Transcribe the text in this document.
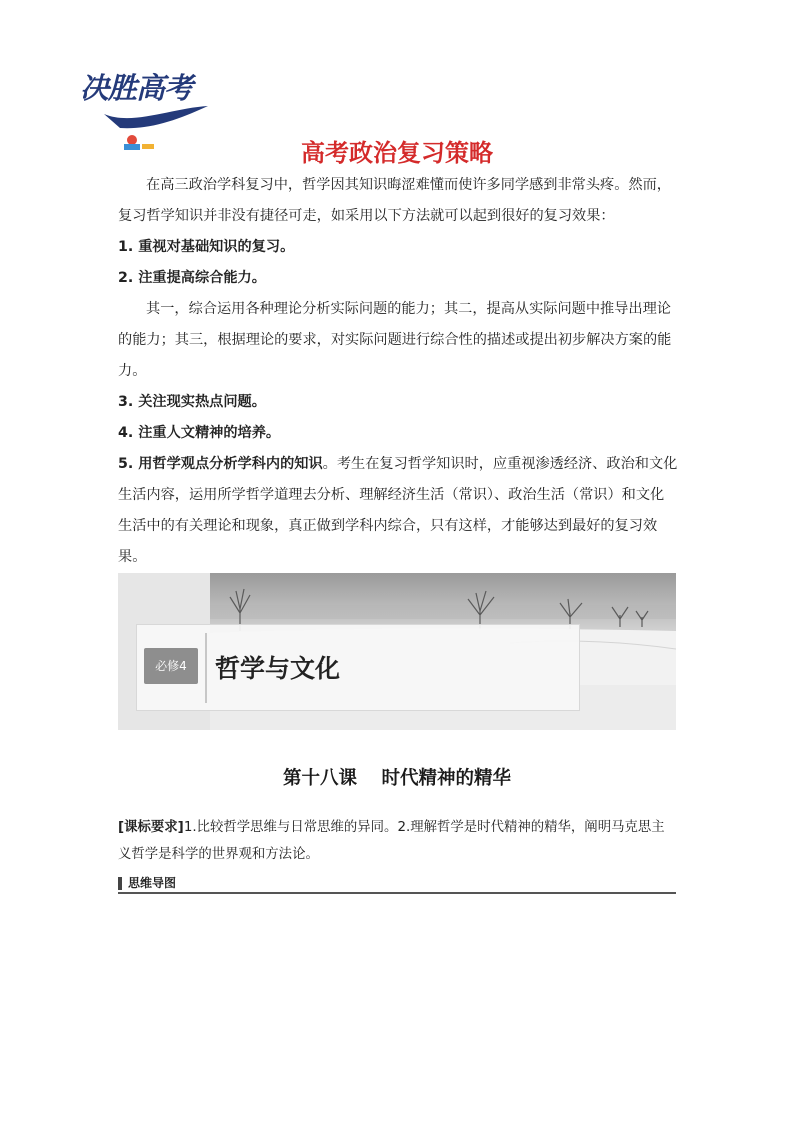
决胜高考
高考政治复习策略
在高三政治学科复习中，哲学因其知识晦涩难懂而使许多同学感到非常头疼。然而，复习哲学知识并非没有捷径可走，如采用以下方法就可以起到很好的复习效果：
1. 重视对基础知识的复习。
2. 注重提高综合能力。
其一，综合运用各种理论分析实际问题的能力；其二，提高从实际问题中推导出理论的能力；其三，根据理论的要求，对实际问题进行综合性的描述或提出初步解决方案的能力。
3. 关注现实热点问题。
4. 注重人文精神的培养。
5. 用哲学观点分析学科内的知识。考生在复习哲学知识时，应重视渗透经济、政治和文化生活内容，运用所学哲学道理去分析、理解经济生活（常识）、政治生活（常识）和文化生活中的有关理论和现象，真正做到学科内综合，只有这样，才能够达到最好的复习效果。
必修4	哲学与文化
第十八课 时代精神的精华
[课标要求]1.比较哲学思维与日常思维的异同。2.理解哲学是时代精神的精华，阐明马克思主义哲学是科学的世界观和方法论。
思维导图
